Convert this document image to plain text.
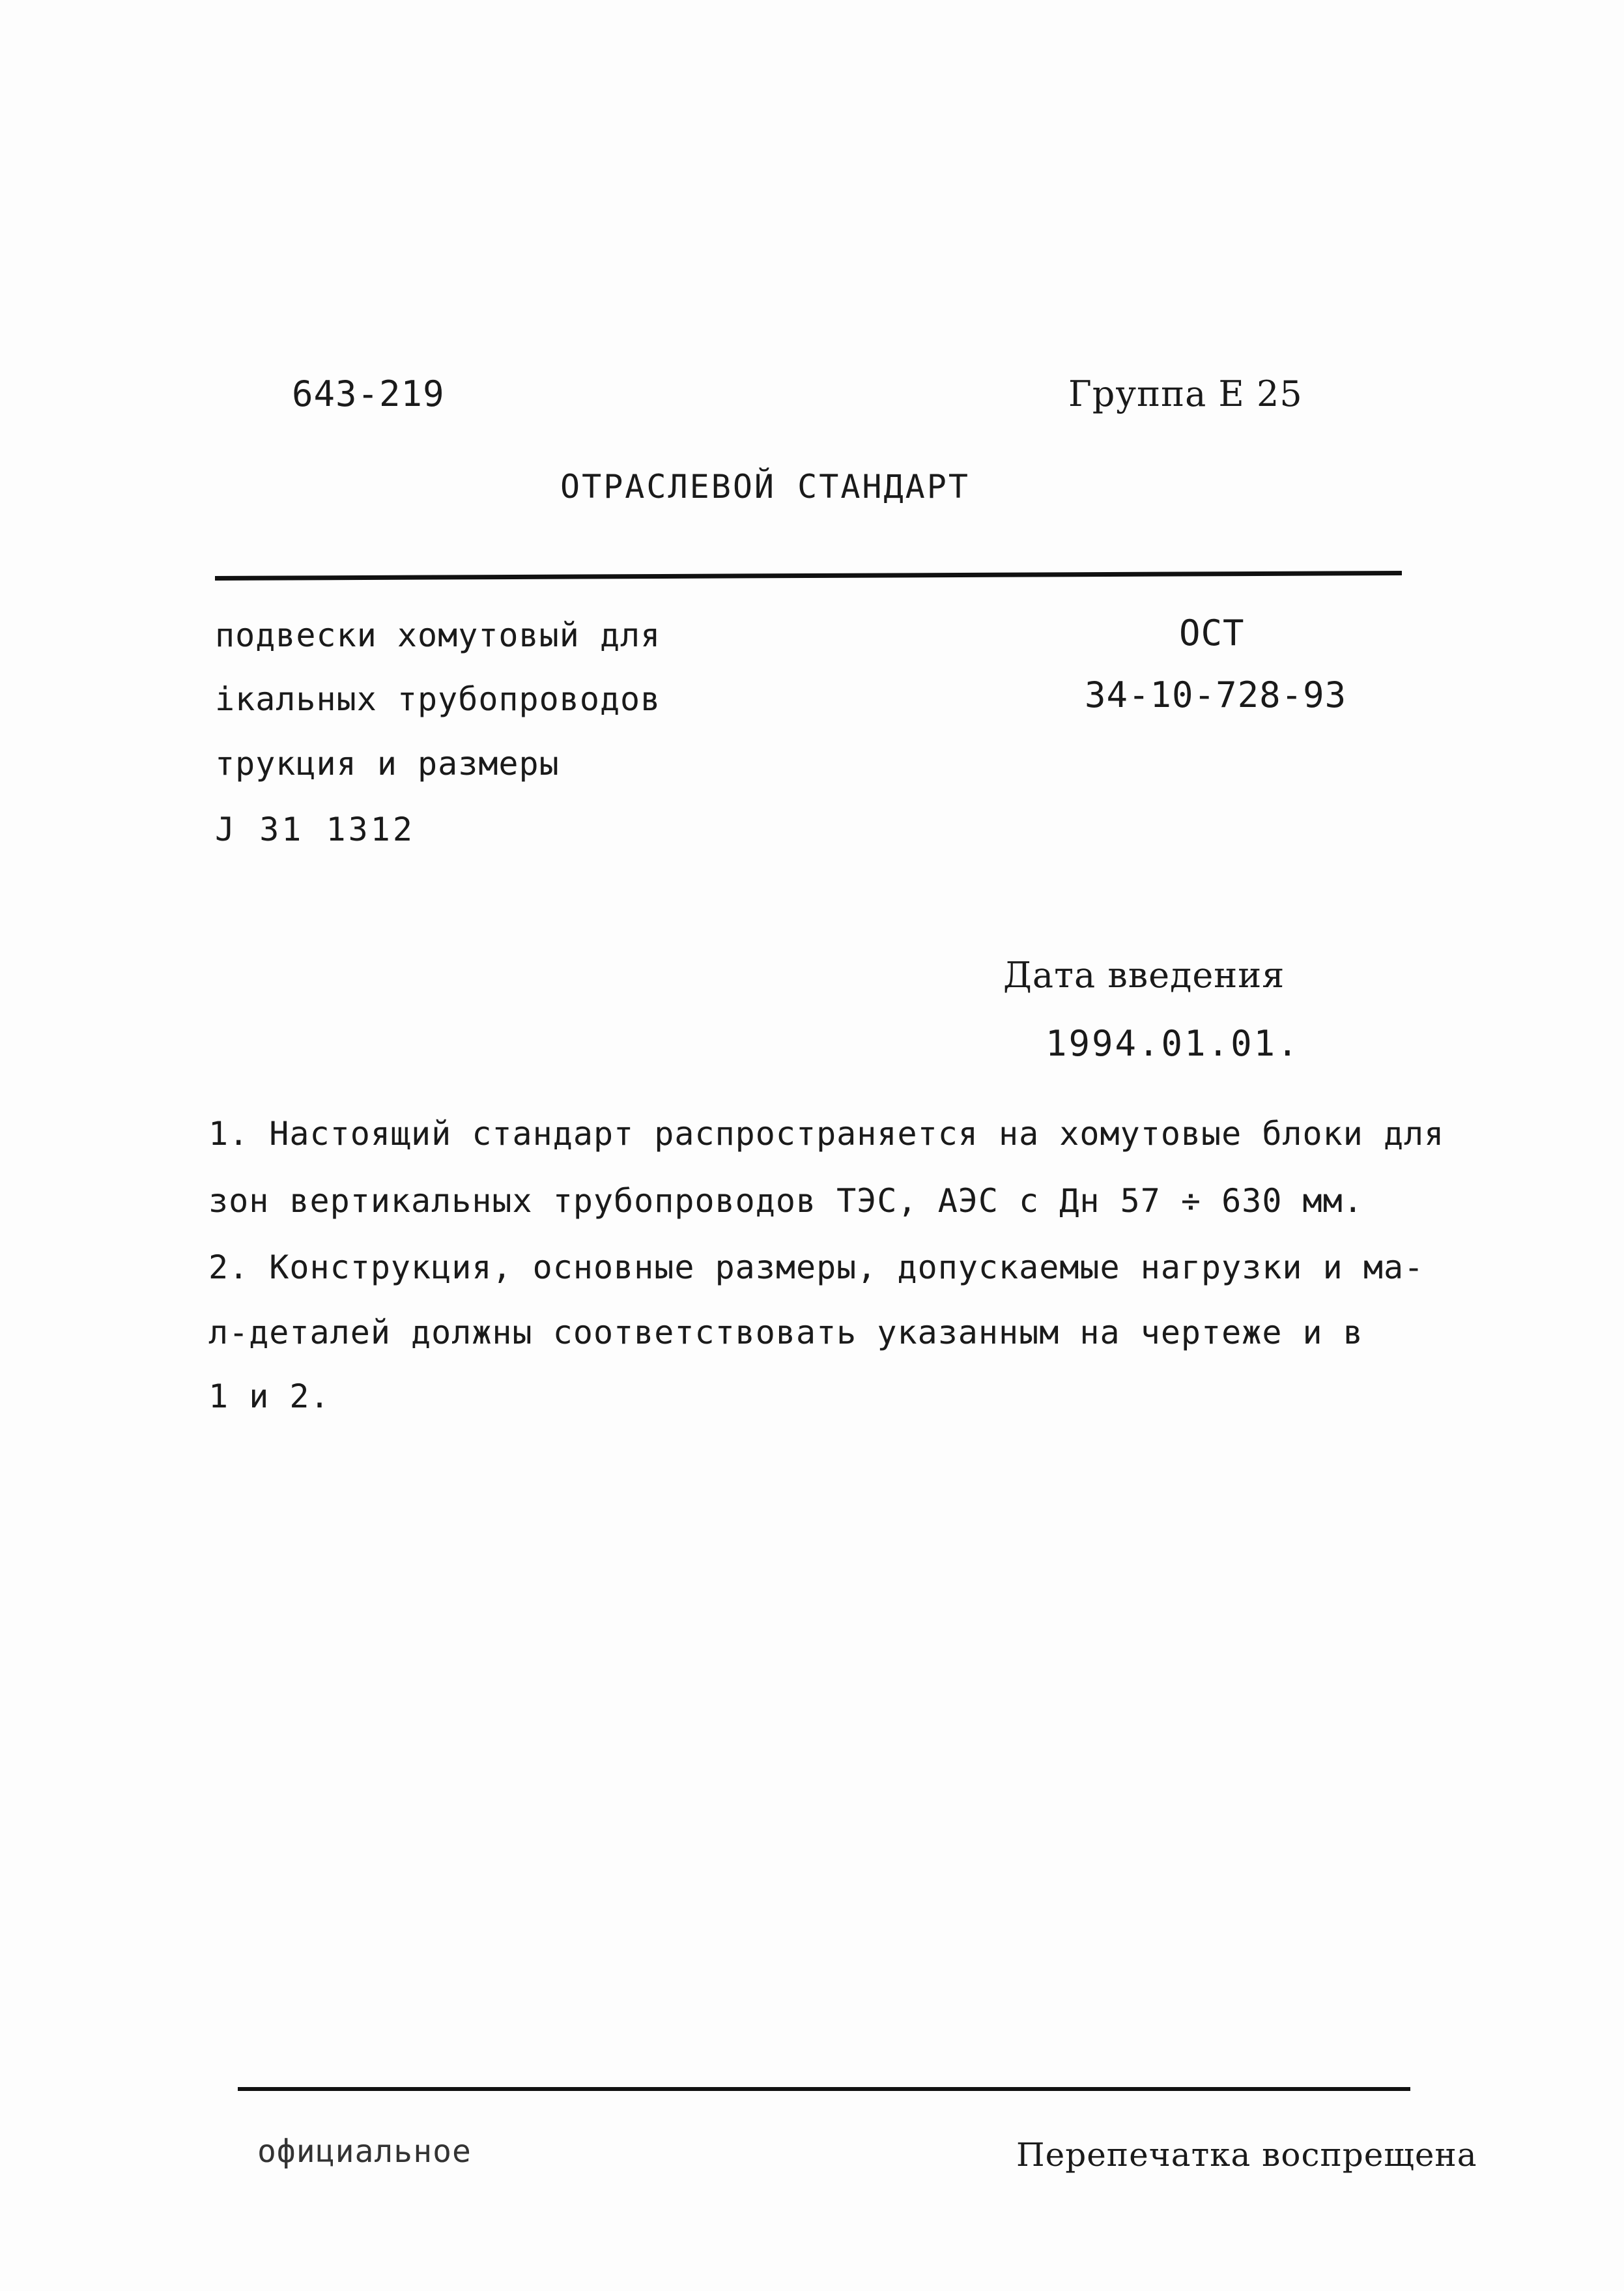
643-219	Группа Е 25
ОТРАСЛЕВОЙ СТАНДАРТ
подвески хомутовый для
ікальных трубопроводов
трукция и размеры
Ј 31 1312
ОСТ
34-10-728-93
Дата введения
1994.01.01.
1. Настоящий стандарт распространяется на хомутовые блоки для
зон вертикальных трубопроводов ТЭС, АЭС с Дн 57 ÷ 630 мм.
2. Конструкция, основные размеры, допускаемые нагрузки и ма-
л-деталей должны соответствовать указанным на чертеже и в
1 и 2.
официальное	Перепечатка воспрещена
